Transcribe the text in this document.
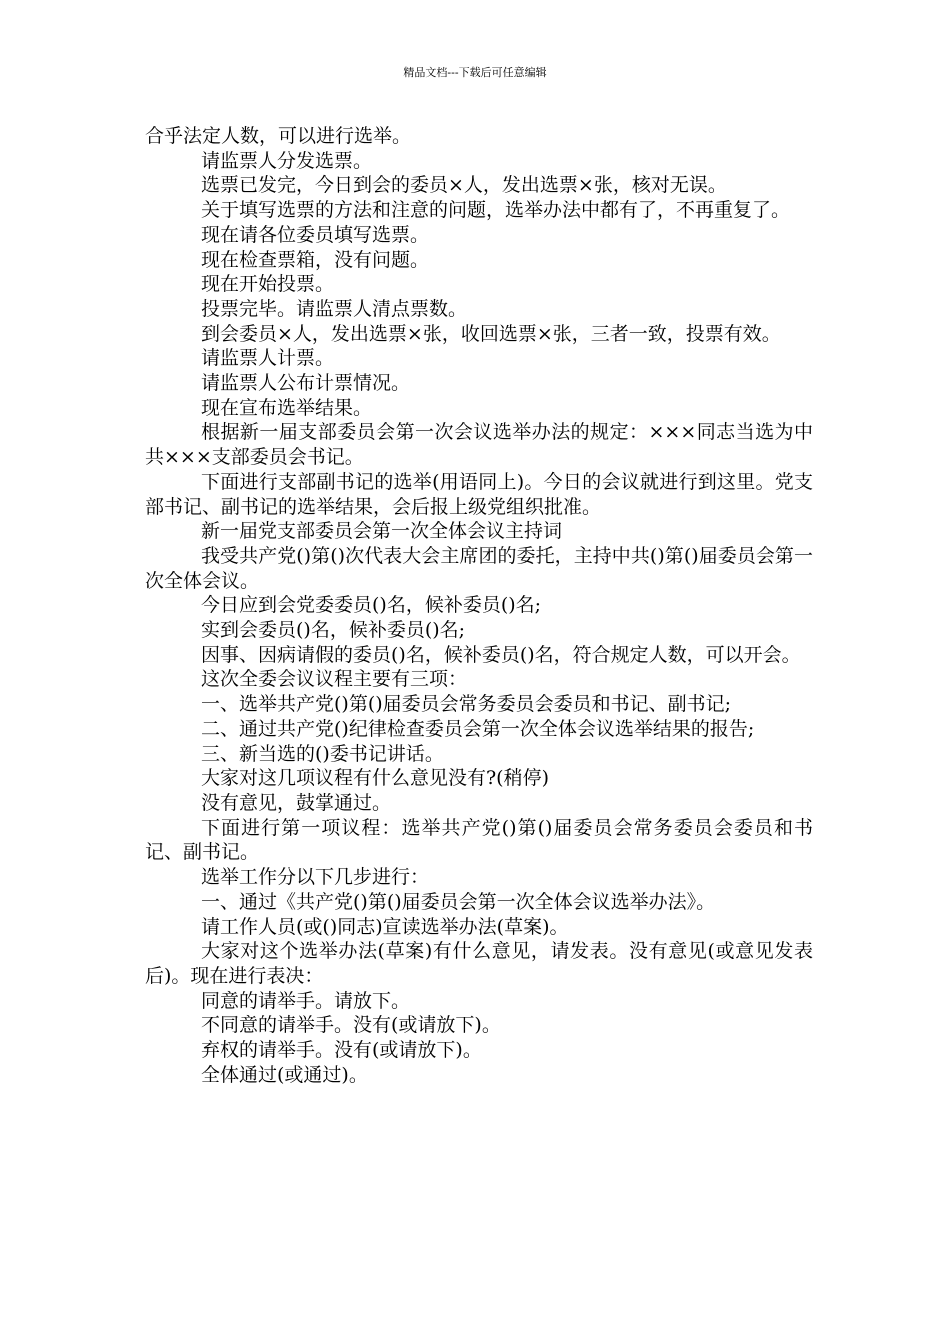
精品文档---下载后可任意编辑

合乎法定人数，可以进行选举。

请监票人分发选票。

选票已发完，今日到会的委员×人，发出选票×张，核对无误。

关于填写选票的方法和注意的问题，选举办法中都有了，不再重复了。

现在请各位委员填写选票。

现在检查票箱，没有问题。

现在开始投票。

投票完毕。请监票人清点票数。

到会委员×人，发出选票×张，收回选票×张，三者一致，投票有效。

请监票人计票。

请监票人公布计票情况。

现在宣布选举结果。

根据新一届支部委员会第一次会议选举办法的规定：×××同志当选为中共×××支部委员会书记。

下面进行支部副书记的选举(用语同上)。今日的会议就进行到这里。党支部书记、副书记的选举结果，会后报上级党组织批准。

新一届党支部委员会第一次全体会议主持词

我受共产党()第()次代表大会主席团的委托，主持中共()第()届委员会第一次全体会议。

今日应到会党委委员()名，候补委员()名;

实到会委员()名，候补委员()名;

因事、因病请假的委员()名，候补委员()名，符合规定人数，可以开会。

这次全委会议议程主要有三项：

一、选举共产党()第()届委员会常务委员会委员和书记、副书记;

二、通过共产党()纪律检查委员会第一次全体会议选举结果的报告;

三、新当选的()委书记讲话。

大家对这几项议程有什么意见没有?(稍停)

没有意见，鼓掌通过。

下面进行第一项议程：选举共产党()第()届委员会常务委员会委员和书记、副书记。

选举工作分以下几步进行：

一、通过《共产党()第()届委员会第一次全体会议选举办法》。

请工作人员(或()同志)宣读选举办法(草案)。

大家对这个选举办法(草案)有什么意见，请发表。没有意见(或意见发表后)。现在进行表决：

同意的请举手。请放下。

不同意的请举手。没有(或请放下)。

弃权的请举手。没有(或请放下)。

全体通过(或通过)。
